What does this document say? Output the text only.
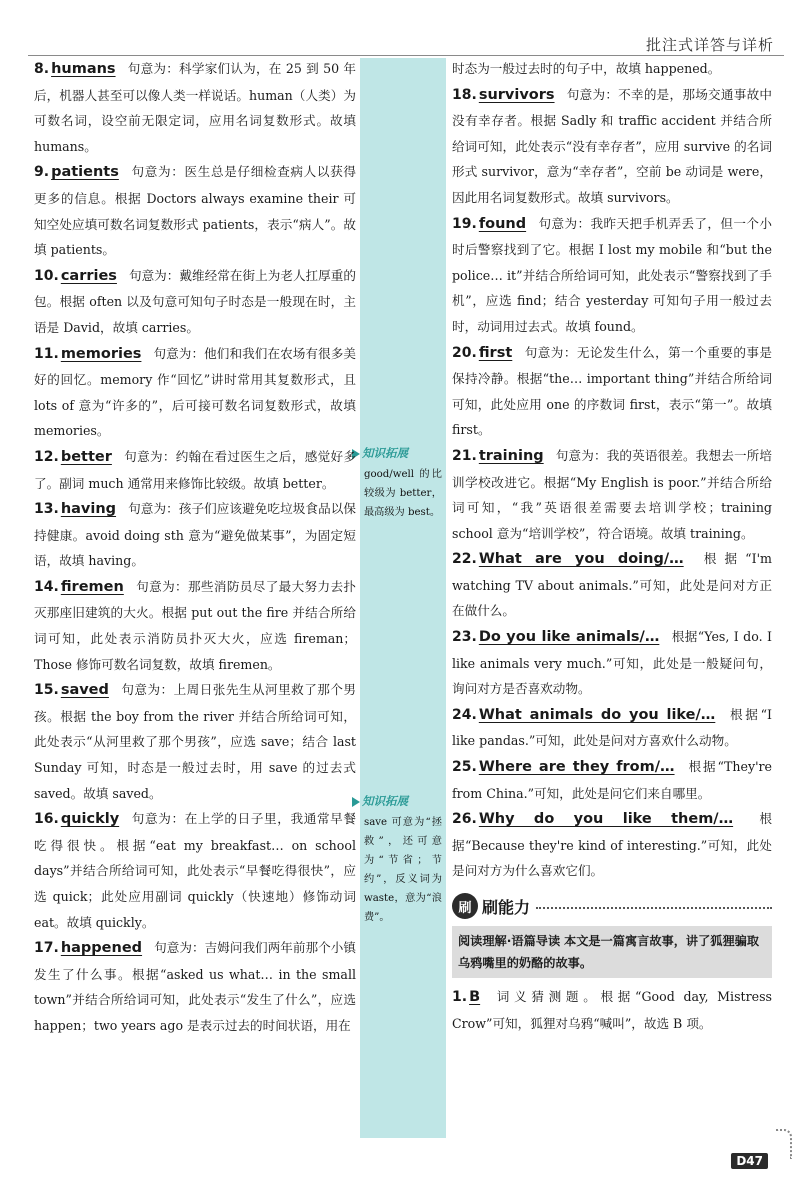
批注式详答与详析
知识拓展
good/well 的比较级为 better，最高级为 best。
知识拓展
save 可意为“拯救”，还可意为“节省；节约”，反义词为 waste，意为“浪费”。
8. humans 句意为：科学家们认为，在 25 到 50 年后，机器人甚至可以像人类一样说话。human（人类）为可数名词，设空前无限定词，应用名词复数形式。故填 humans。
9. patients 句意为：医生总是仔细检查病人以获得更多的信息。根据 Doctors always examine their 可知空处应填可数名词复数形式 patients，表示“病人”。故填 patients。
10. carries 句意为：戴维经常在街上为老人扛厚重的包。根据 often 以及句意可知句子时态是一般现在时，主语是 David，故填 carries。
11. memories 句意为：他们和我们在农场有很多美好的回忆。memory 作“回忆”讲时常用其复数形式，且 lots of 意为“许多的”，后可接可数名词复数形式，故填 memories。
12. better 句意为：约翰在看过医生之后，感觉好多了。副词 much 通常用来修饰比较级。故填 better。
13. having 句意为：孩子们应该避免吃垃圾食品以保持健康。avoid doing sth 意为“避免做某事”，为固定短语，故填 having。
14. firemen 句意为：那些消防员尽了最大努力去扑灭那座旧建筑的大火。根据 put out the fire 并结合所给词可知，此处表示消防员扑灭大火，应选 fireman；Those 修饰可数名词复数，故填 firemen。
15. saved 句意为：上周日张先生从河里救了那个男孩。根据 the boy from the river 并结合所给词可知，此处表示“从河里救了那个男孩”，应选 save；结合 last Sunday 可知，时态是一般过去时，用 save 的过去式 saved。故填 saved。
16. quickly 句意为：在上学的日子里，我通常早餐吃得很快。根据“eat my breakfast… on school days”并结合所给词可知，此处表示“早餐吃得很快”，应选 quick；此处应用副词 quickly（快速地）修饰动词 eat。故填 quickly。
17. happened 句意为：吉姆问我们两年前那个小镇发生了什么事。根据“asked us what… in the small town”并结合所给词可知，此处表示“发生了什么”，应选 happen；two years ago 是表示过去的时间状语，用在
时态为一般过去时的句子中，故填 happened。
18. survivors 句意为：不幸的是，那场交通事故中没有幸存者。根据 Sadly 和 traffic accident 并结合所给词可知，此处表示“没有幸存者”，应用 survive 的名词形式 survivor，意为“幸存者”，空前 be 动词是 were，因此用名词复数形式。故填 survivors。
19. found 句意为：我昨天把手机弄丢了，但一个小时后警察找到了它。根据 I lost my mobile 和“but the police… it”并结合所给词可知，此处表示“警察找到了手机”，应选 find；结合 yesterday 可知句子用一般过去时，动词用过去式。故填 found。
20. first 句意为：无论发生什么，第一个重要的事是保持冷静。根据“the… important thing”并结合所给词可知，此处应用 one 的序数词 first，表示“第一”。故填 first。
21. training 句意为：我的英语很差。我想去一所培训学校改进它。根据“My English is poor.”并结合所给词可知，“我”英语很差需要去培训学校；training school 意为“培训学校”，符合语境。故填 training。
22. What are you doing/… 根据“I'm watching TV about animals.”可知，此处是问对方正在做什么。
23. Do you like animals/… 根据“Yes, I do. I like animals very much.”可知，此处是一般疑问句，询问对方是否喜欢动物。
24. What animals do you like/… 根据“I like pandas.”可知，此处是问对方喜欢什么动物。
25. Where are they from/… 根据“They're from China.”可知，此处是问它们来自哪里。
26. Why do you like them/… 根据“Because they're kind of interesting.”可知，此处是问对方为什么喜欢它们。
刷 刷能力
阅读理解·语篇导读 本文是一篇寓言故事，讲了狐狸骗取乌鸦嘴里的奶酪的故事。
1. B 词义猜测题。根据“Good day, Mistress Crow”可知，狐狸对乌鸦“喊叫”，故选 B 项。
D47
